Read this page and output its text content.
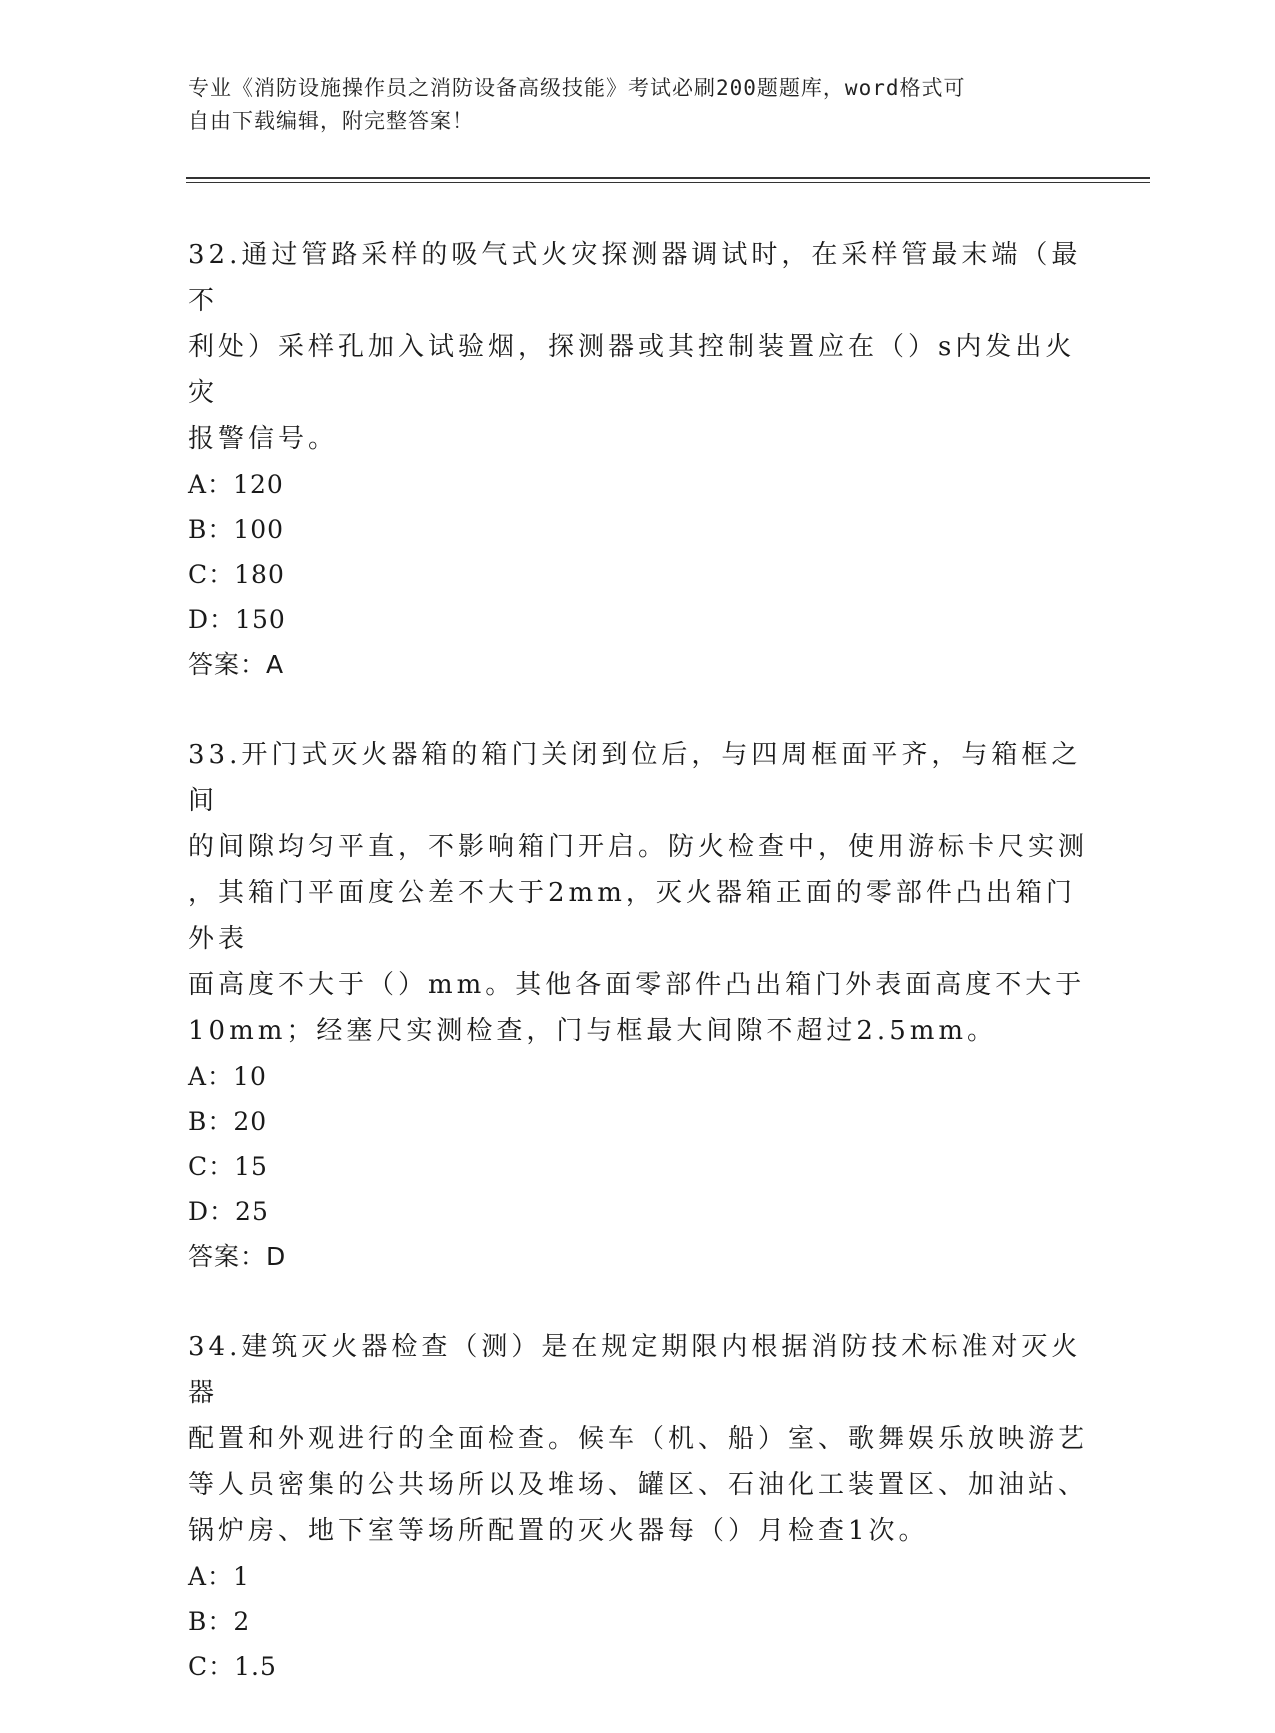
专业《消防设施操作员之消防设备高级技能》考试必刷200题题库，word格式可
自由下载编辑，附完整答案！
32.通过管路采样的吸气式火灾探测器调试时，在采样管最末端（最不
利处）采样孔加入试验烟，探测器或其控制装置应在（）s内发出火灾
报警信号。
A：120
B：100
C：180
D：150
答案：A
33.开门式灭火器箱的箱门关闭到位后，与四周框面平齐，与箱框之间
的间隙均匀平直，不影响箱门开启。防火检查中，使用游标卡尺实测
，其箱门平面度公差不大于2mm，灭火器箱正面的零部件凸出箱门外表
面高度不大于（）mm。其他各面零部件凸出箱门外表面高度不大于
10mm；经塞尺实测检查，门与框最大间隙不超过2.5mm。
A：10
B：20
C：15
D：25
答案：D
34.建筑灭火器检查（测）是在规定期限内根据消防技术标准对灭火器
配置和外观进行的全面检查。候车（机、船）室、歌舞娱乐放映游艺
等人员密集的公共场所以及堆场、罐区、石油化工装置区、加油站、
锅炉房、地下室等场所配置的灭火器每（）月检查1次。
A：1
B：2
C：1.5
